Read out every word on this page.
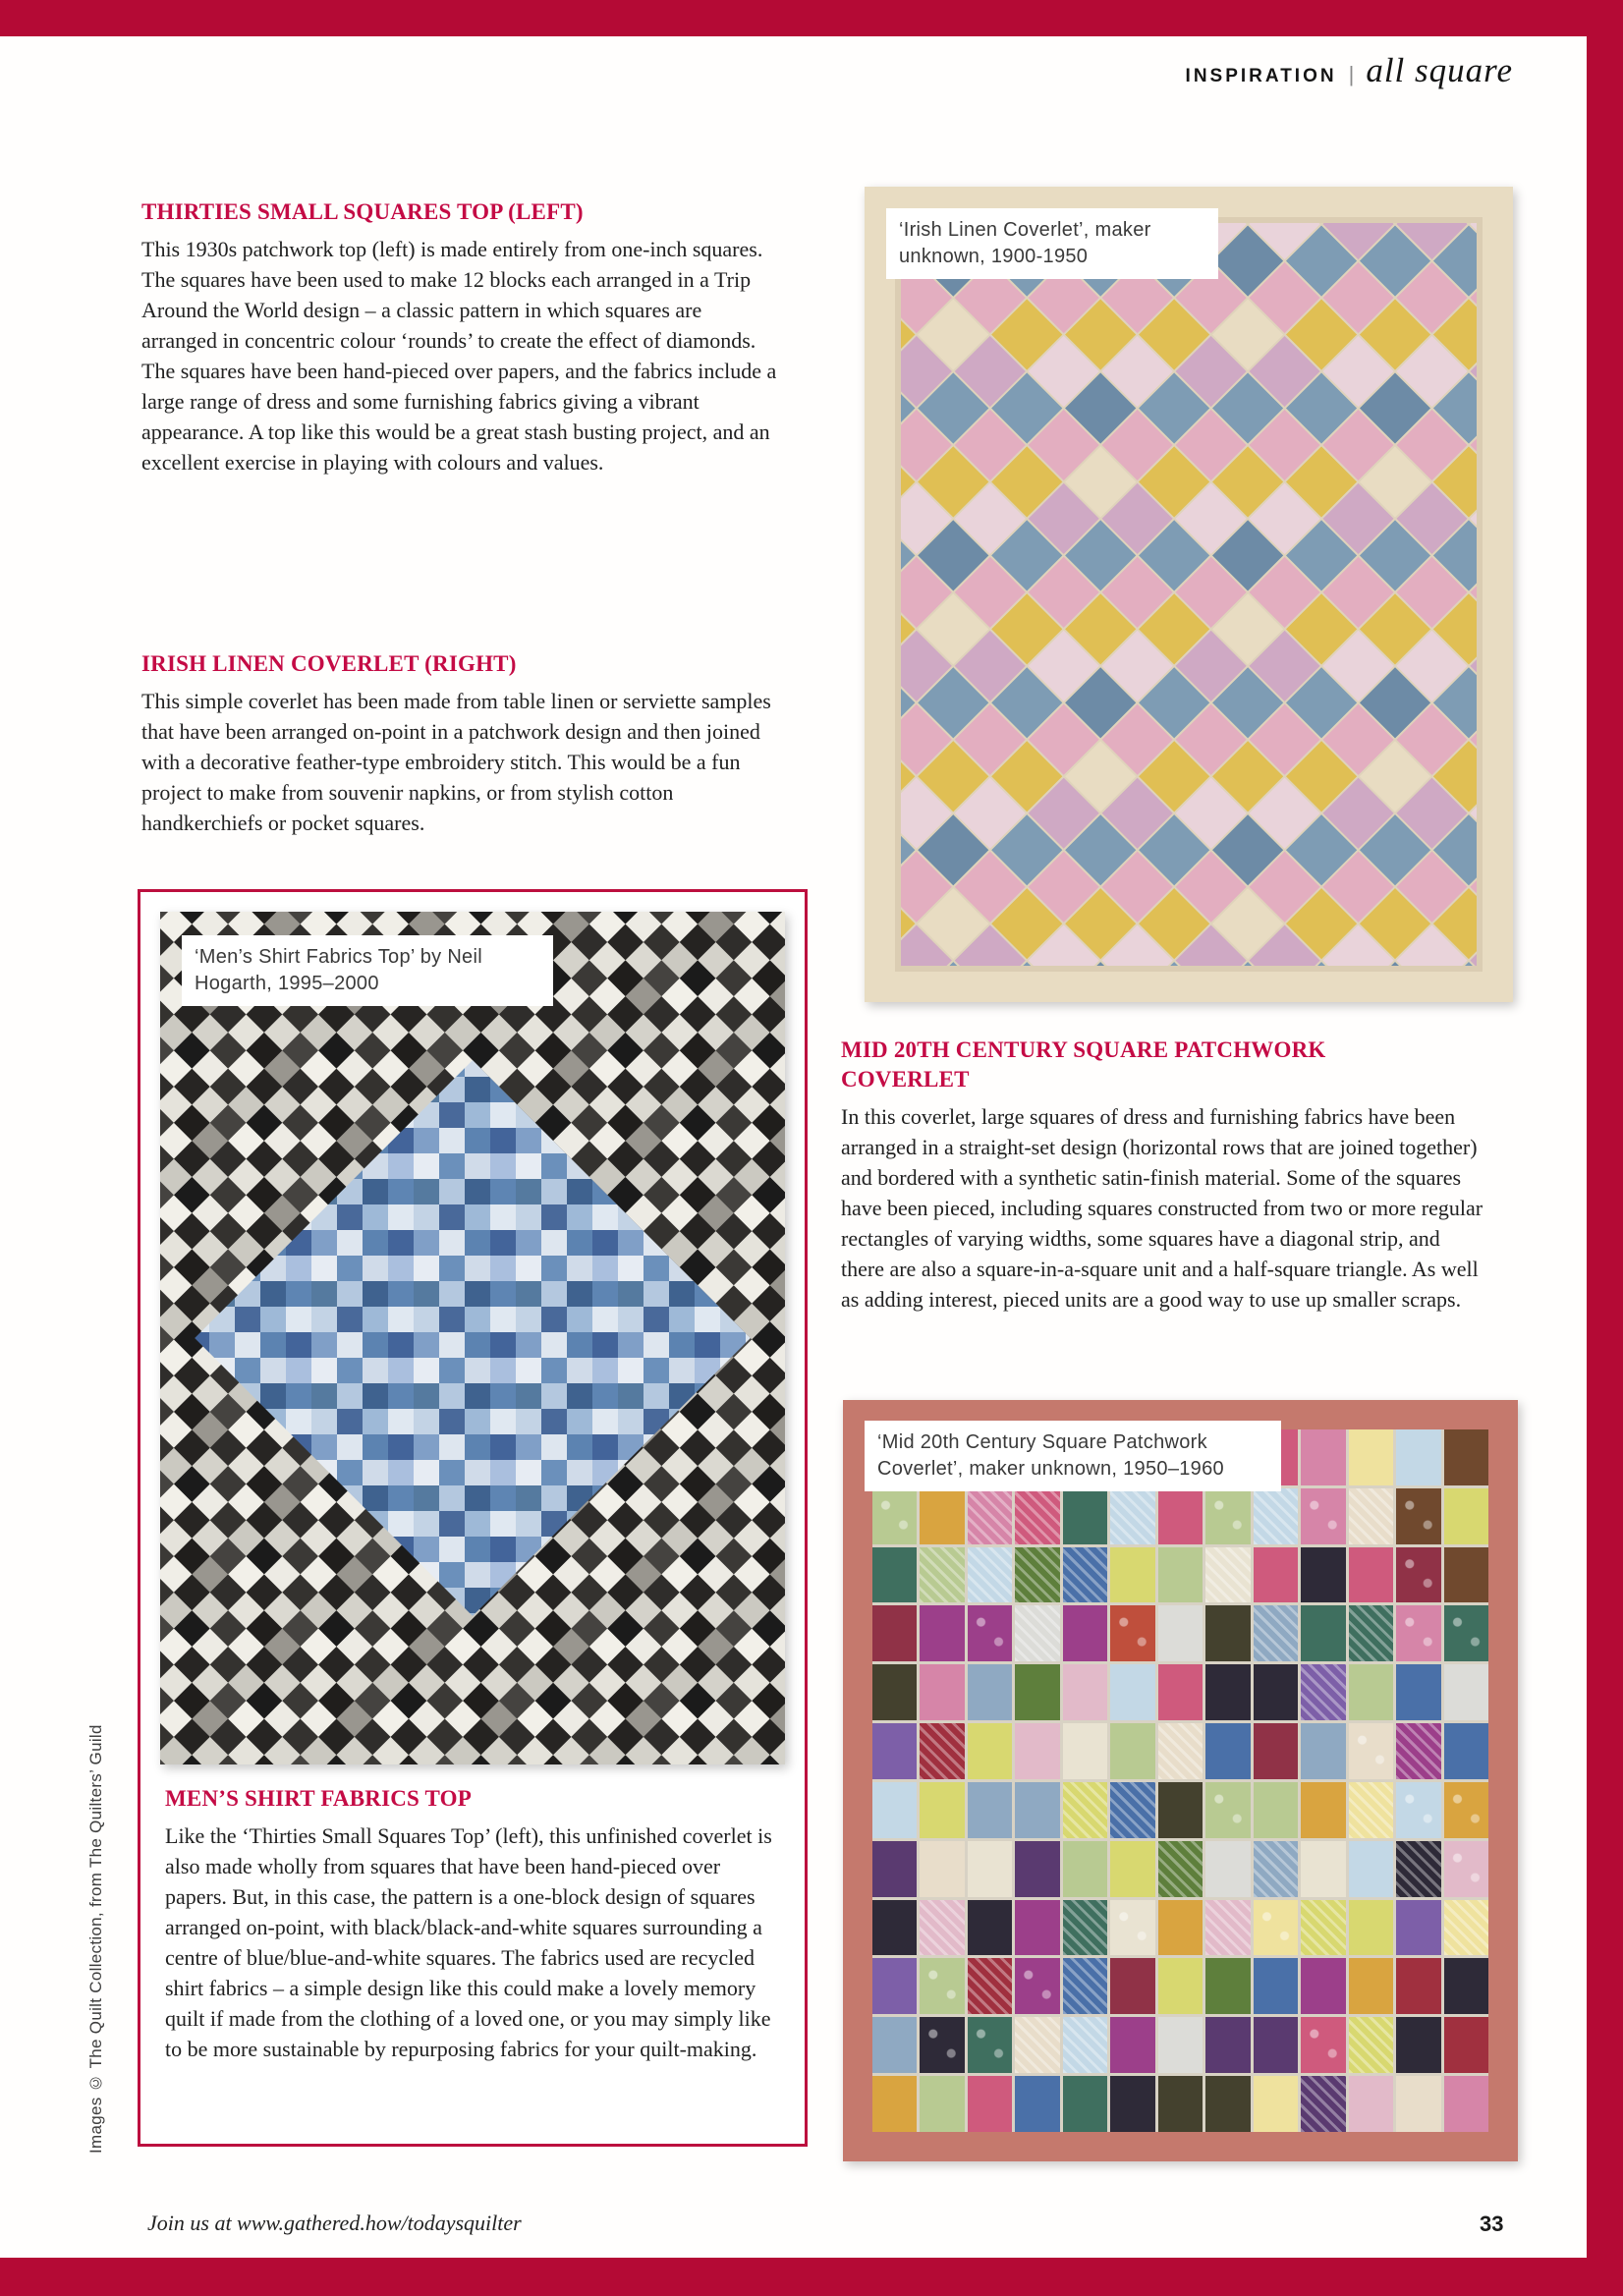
INSPIRATION | all square
THIRTIES SMALL SQUARES TOP (LEFT)

This 1930s patchwork top (left) is made entirely from one-inch squares. The squares have been used to make 12 blocks each arranged in a Trip Around the World design – a classic pattern in which squares are arranged in concentric colour ‘rounds’ to create the effect of diamonds. The squares have been hand-pieced over papers, and the fabrics include a large range of dress and some furnishing fabrics giving a vibrant appearance. A top like this would be a great stash busting project, and an excellent exercise in playing with colours and values.

IRISH LINEN COVERLET (RIGHT)

This simple coverlet has been made from table linen or serviette samples that have been arranged on-point in a patchwork design and then joined with a decorative feather-type embroidery stitch. This would be a fun project to make from souvenir napkins, or from stylish cotton handkerchiefs or pocket squares.

‘Men’s Shirt Fabrics Top’ by Neil Hogarth, 1995–2000
MEN’S SHIRT FABRICS TOP

Like the ‘Thirties Small Squares Top’ (left), this unfinished coverlet is also made wholly from squares that have been hand-pieced over papers. But, in this case, the pattern is a one-block design of squares arranged on-point, with black/black-and-white squares surrounding a centre of blue/blue-and-white squares. The fabrics used are recycled shirt fabrics – a simple design like this could make a lovely memory quilt if made from the clothing of a loved one, or you may simply like to be more sustainable by repurposing fabrics for your quilt-making.

‘Irish Linen Coverlet’, maker unknown, 1900-1950
MID 20TH CENTURY SQUARE PATCHWORK COVERLET

In this coverlet, large squares of dress and furnishing fabrics have been arranged in a straight-set design (horizontal rows that are joined together) and bordered with a synthetic satin-finish material. Some of the squares have been pieced, including squares constructed from two or more regular rectangles of varying widths, some squares have a diagonal strip, and there are also a square-in-a-square unit and a half-square triangle. As well as adding interest, pieced units are a good way to use up smaller scraps.

‘Mid 20th Century Square Patchwork Coverlet’, maker unknown, 1950–1960
Images © The Quilt Collection, from The Quilters’ Guild
Join us at www.gathered.how/todaysquilter	33
